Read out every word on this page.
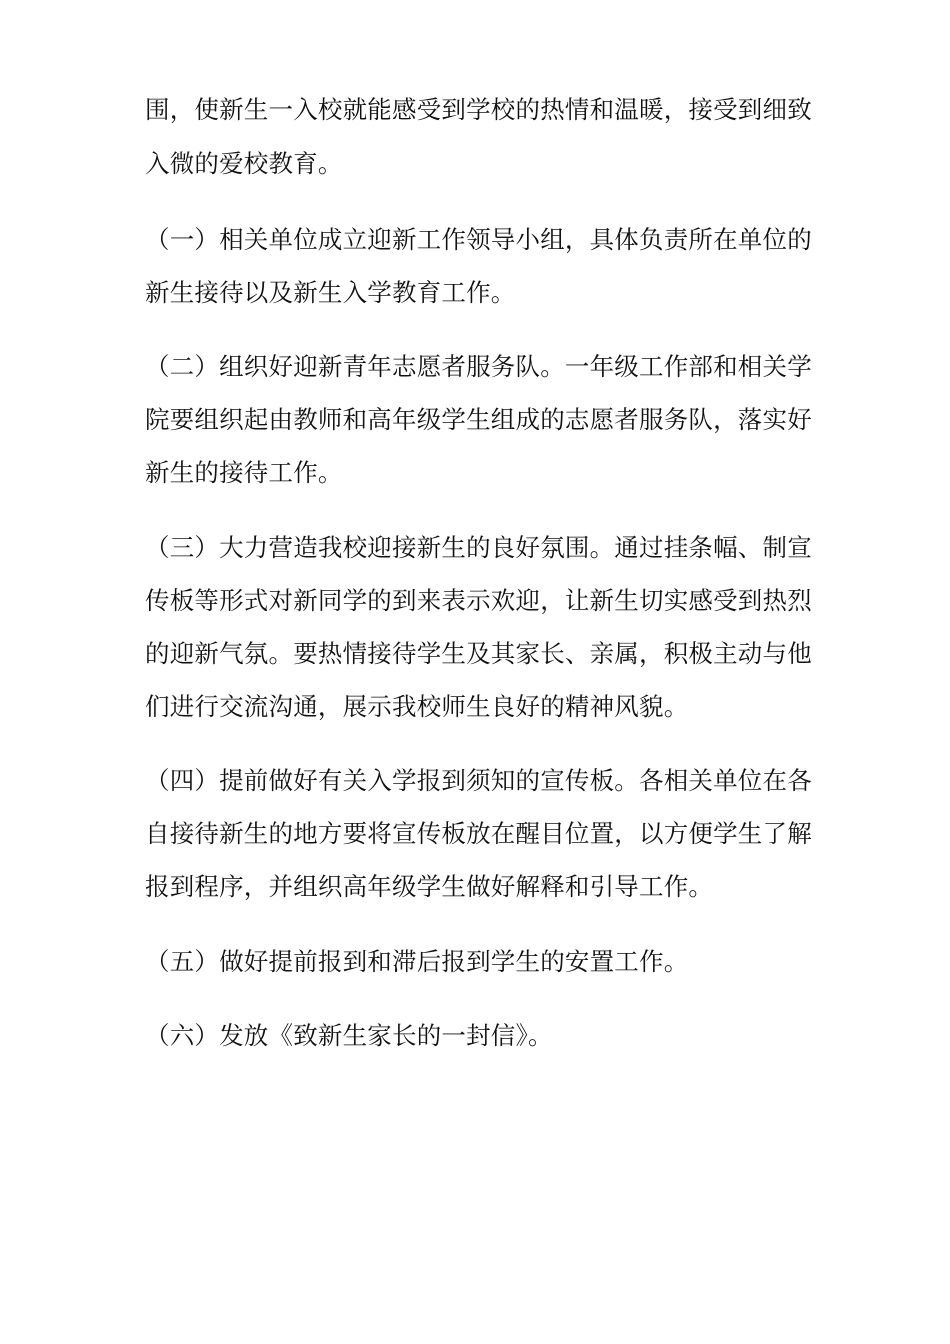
围，使新生一入校就能感受到学校的热情和温暖，接受到细致
入微的爱校教育。
（一）相关单位成立迎新工作领导小组，具体负责所在单位的
新生接待以及新生入学教育工作。
（二）组织好迎新青年志愿者服务队。一年级工作部和相关学
院要组织起由教师和高年级学生组成的志愿者服务队，落实好
新生的接待工作。
（三）大力营造我校迎接新生的良好氛围。通过挂条幅、制宣
传板等形式对新同学的到来表示欢迎，让新生切实感受到热烈
的迎新气氛。要热情接待学生及其家长、亲属，积极主动与他
们进行交流沟通，展示我校师生良好的精神风貌。
（四）提前做好有关入学报到须知的宣传板。各相关单位在各
自接待新生的地方要将宣传板放在醒目位置，以方便学生了解
报到程序，并组织高年级学生做好解释和引导工作。
（五）做好提前报到和滞后报到学生的安置工作。
（六）发放《致新生家长的一封信》。
